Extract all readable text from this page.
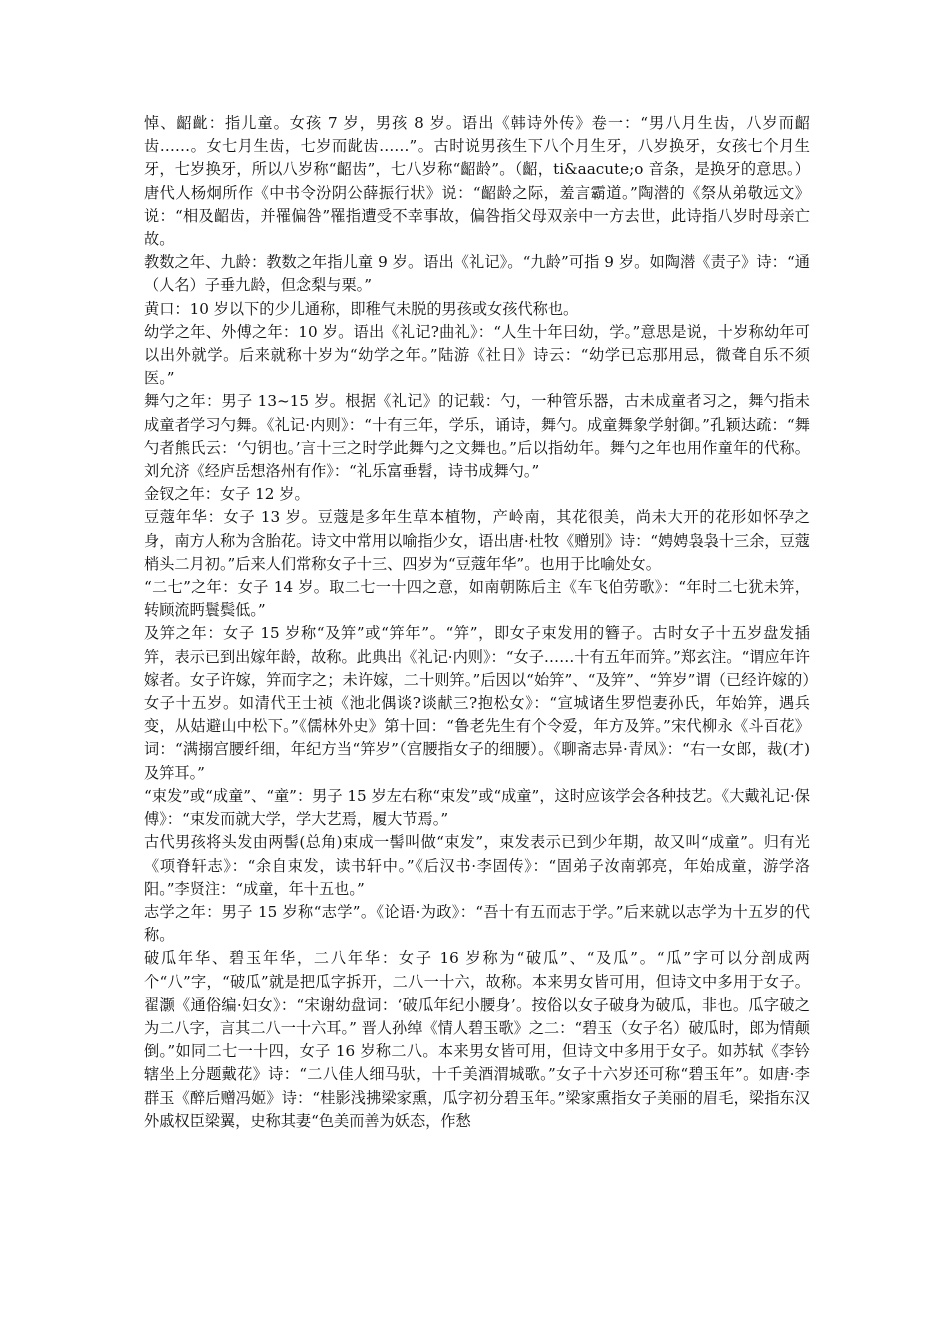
悼、齠齔：指儿童。女孩 7 岁，男孩 8 岁。语出《韩诗外传》卷一：“男八月生齿，八岁而齠齿……。女七月生齿，七岁而龀齿……”。古时说男孩生下八个月生牙，八岁换牙，女孩七个月生牙，七岁换牙，所以八岁称“齠齿”，七八岁称“齠龄”。（齠，ti&aacute;o 音条，是换牙的意思。）唐代人杨炯所作《中书令汾阴公薛振行状》说：“齠龄之际，羞言霸道。”陶潜的《祭从弟敬远文》说：“相及齠齿，并罹偏咎”罹指遭受不幸事故，偏咎指父母双亲中一方去世，此诗指八岁时母亲亡故。

教数之年、九龄：教数之年指儿童 9 岁。语出《礼记》。“九龄”可指 9 岁。如陶潜《责子》诗：“通（人名）子垂九龄，但念梨与栗。”

黄口：10 岁以下的少儿通称，即稚气未脱的男孩或女孩代称也。

幼学之年、外傅之年：10 岁。语出《礼记?曲礼》：“人生十年曰幼，学。”意思是说，十岁称幼年可以出外就学。后来就称十岁为“幼学之年。”陆游《社日》诗云：“幼学已忘那用忌，微聋自乐不须医。”

舞勺之年：男子 13~15 岁。根据《礼记》的记载：勺，一种管乐器，古未成童者习之，舞勺指未成童者学习勺舞。《礼记·内则》：“十有三年，学乐，诵诗，舞勺。成童舞象学射御。”孔颖达疏：“舞勺者熊氏云：‘勺钥也。’言十三之时学此舞勺之文舞也。”后以指幼年。舞勺之年也用作童年的代称。刘允济《经庐岳想洛州有作》：“礼乐富垂髫，诗书成舞勺。”

金钗之年：女子 12 岁。

豆蔻年华：女子 13 岁。豆蔻是多年生草本植物，产岭南，其花很美，尚未大开的花形如怀孕之身，南方人称为含胎花。诗文中常用以喻指少女，语出唐·杜牧《赠别》诗：“娉娉袅袅十三余，豆蔻梢头二月初。”后来人们常称女子十三、四岁为“豆蔻年华”。也用于比喻处女。

“二七”之年：女子 14 岁。取二七一十四之意，如南朝陈后主《车飞伯劳歌》：“年时二七犹未笄，转顾流眄鬟鬓低。”

及笄之年：女子 15 岁称“及笄”或“笄年”。“笄”，即女子束发用的簪子。古时女子十五岁盘发插笄，表示已到出嫁年龄，故称。此典出《礼记·内则》：“女子……十有五年而笄。”郑玄注。“谓应年许嫁者。女子许嫁，笄而字之；未许嫁，二十则笄。”后因以“始笄”、“及笄”、“笄岁”谓（已经许嫁的）女子十五岁。如清代王士祯《池北偶谈?谈献三?抱松女》：“宣城诸生罗恺妻孙氏，年始笄，遇兵变，从姑避山中松下。”《儒林外史》第十回：“鲁老先生有个令爱，年方及笄。”宋代柳永《斗百花》词：“满搦宫腰纤细，年纪方当“笄岁”（宫腰指女子的细腰）。《聊斋志异·青凤》：“右一女郎，裁(才)及笄耳。”

“束发”或“成童”、“童”：男子 15 岁左右称“束发”或“成童”，这时应该学会各种技艺。《大戴礼记·保傅》：“束发而就大学，学大艺焉，履大节焉。”

古代男孩将头发由两髻(总角)束成一髻叫做“束发”，束发表示已到少年期，故又叫“成童”。归有光《项脊轩志》：“余自束发，读书轩中。”《后汉书·李固传》：“固弟子汝南郭亮，年始成童，游学洛阳。”李贤注：“成童，年十五也。”

志学之年：男子 15 岁称“志学”。《论语·为政》：“吾十有五而志于学。”后来就以志学为十五岁的代称。

破瓜年华、碧玉年华，二八年华：女子 16 岁称为“破瓜”、“及瓜”。“瓜”字可以分剖成两个“八”字，“破瓜”就是把瓜字拆开，二八一十六，故称。本来男女皆可用，但诗文中多用于女子。翟灏《通俗编·妇女》：“宋谢幼盘词：‘破瓜年纪小腰身’。按俗以女子破身为破瓜，非也。瓜字破之为二八字，言其二八一十六耳。” 晋人孙绰《情人碧玉歌》之二：“碧玉（女子名）破瓜时，郎为情颠倒。”如同二七一十四，女子 16 岁称二八。本来男女皆可用，但诗文中多用于女子。如苏轼《李钤辖坐上分题戴花》诗：“二八佳人细马驮，十千美酒渭城歌。”女子十六岁还可称“碧玉年”。如唐·李群玉《醉后赠冯姬》诗：“桂影浅拂梁家熏，瓜字初分碧玉年。”梁家熏指女子美丽的眉毛，梁指东汉外戚权臣梁翼，史称其妻“色美而善为妖态，作愁
